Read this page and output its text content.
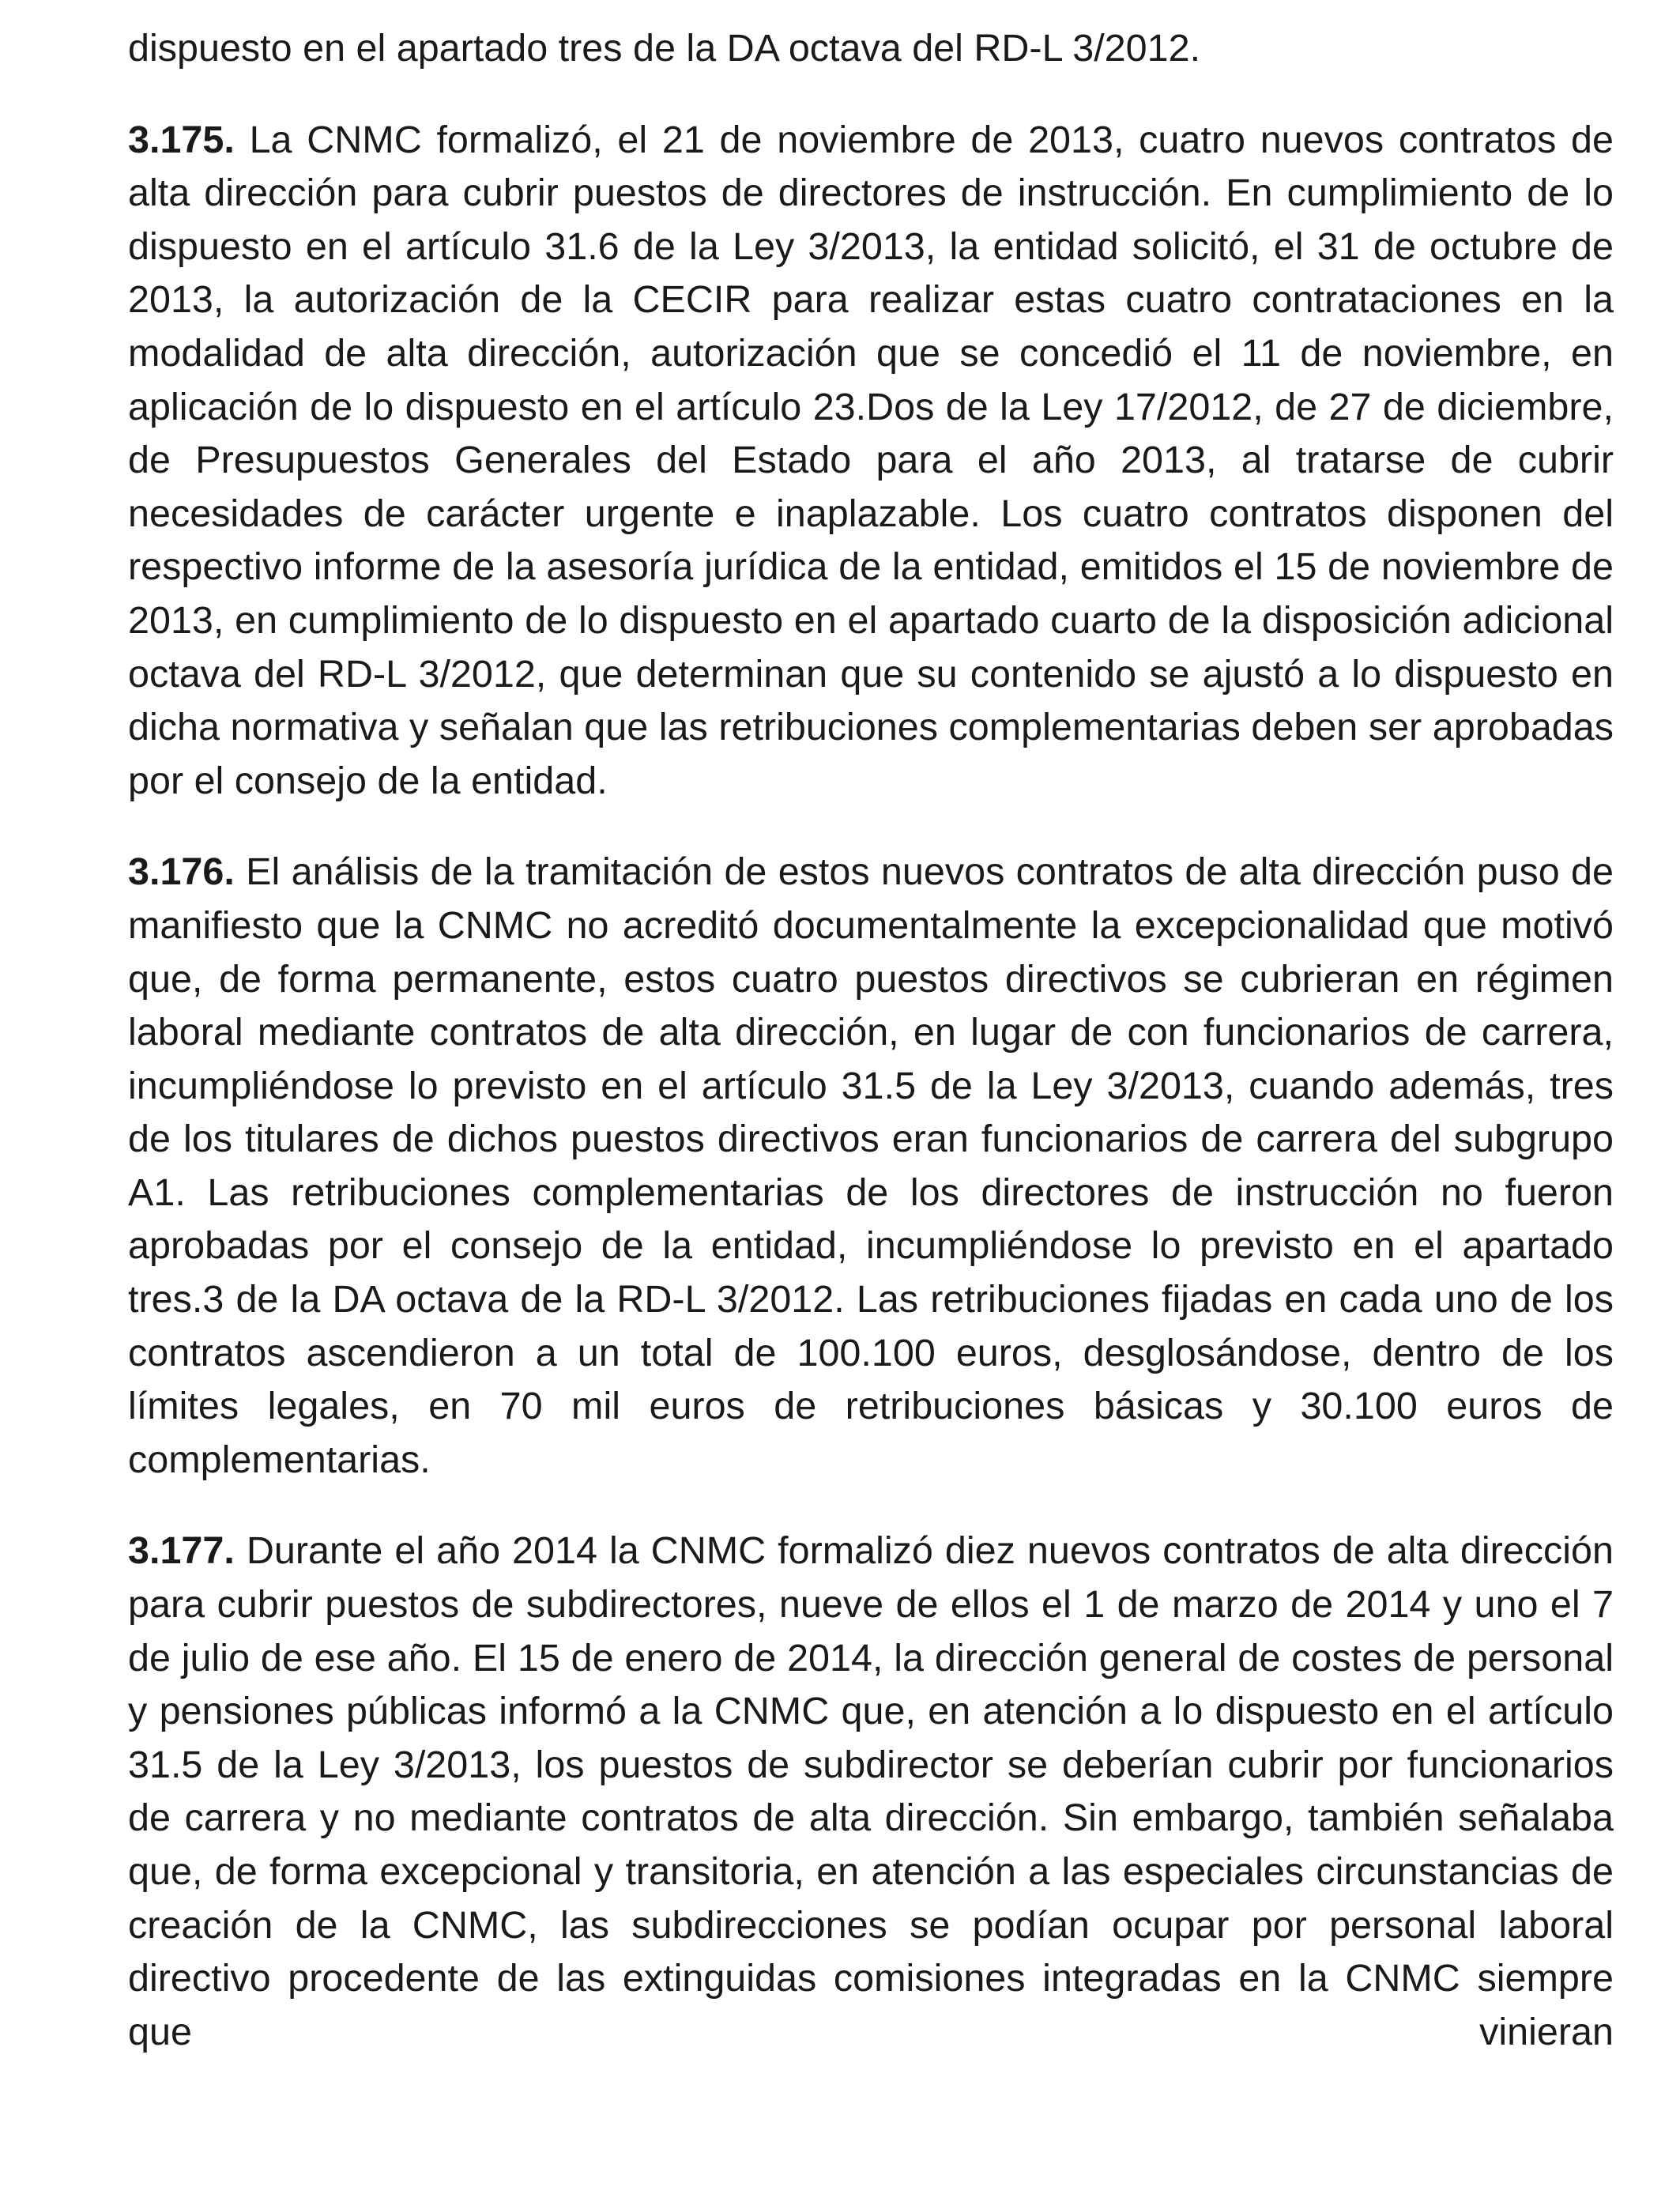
dispuesto en el apartado tres de la DA octava del RD-L 3/2012.

3.175. La CNMC formalizó, el 21 de noviembre de 2013, cuatro nuevos contratos de alta dirección para cubrir puestos de directores de instrucción. En cumplimiento de lo dispuesto en el artículo 31.6 de la Ley 3/2013, la entidad solicitó, el 31 de octubre de 2013, la autorización de la CECIR para realizar estas cuatro contrataciones en la modalidad de alta dirección, autorización que se concedió el 11 de noviembre, en aplicación de lo dispuesto en el artículo 23.Dos de la Ley 17/2012, de 27 de diciembre, de Presupuestos Generales del Estado para el año 2013, al tratarse de cubrir necesidades de carácter urgente e inaplazable. Los cuatro contratos disponen del respectivo informe de la asesoría jurídica de la entidad, emitidos el 15 de noviembre de 2013, en cumplimiento de lo dispuesto en el apartado cuarto de la disposición adicional octava del RD-L 3/2012, que determinan que su contenido se ajustó a lo dispuesto en dicha normativa y señalan que las retribuciones complementarias deben ser aprobadas por el consejo de la entidad.

3.176. El análisis de la tramitación de estos nuevos contratos de alta dirección puso de manifiesto que la CNMC no acreditó documentalmente la excepcionalidad que motivó que, de forma permanente, estos cuatro puestos directivos se cubrieran en régimen laboral mediante contratos de alta dirección, en lugar de con funcionarios de carrera, incumpliéndose lo previsto en el artículo 31.5 de la Ley 3/2013, cuando además, tres de los titulares de dichos puestos directivos eran funcionarios de carrera del subgrupo A1. Las retribuciones complementarias de los directores de instrucción no fueron aprobadas por el consejo de la entidad, incumpliéndose lo previsto en el apartado tres.3 de la DA octava de la RD-L 3/2012. Las retribuciones fijadas en cada uno de los contratos ascendieron a un total de 100.100 euros, desglosándose, dentro de los límites legales, en 70 mil euros de retribuciones básicas y 30.100 euros de complementarias.

3.177. Durante el año 2014 la CNMC formalizó diez nuevos contratos de alta dirección para cubrir puestos de subdirectores, nueve de ellos el 1 de marzo de 2014 y uno el 7 de julio de ese año. El 15 de enero de 2014, la dirección general de costes de personal y pensiones públicas informó a la CNMC que, en atención a lo dispuesto en el artículo 31.5 de la Ley 3/2013, los puestos de subdirector se deberían cubrir por funcionarios de carrera y no mediante contratos de alta dirección. Sin embargo, también señalaba que, de forma excepcional y transitoria, en atención a las especiales circunstancias de creación de la CNMC, las subdirecciones se podían ocupar por personal laboral directivo procedente de las extinguidas comisiones integradas en la CNMC siempre que vinieran
